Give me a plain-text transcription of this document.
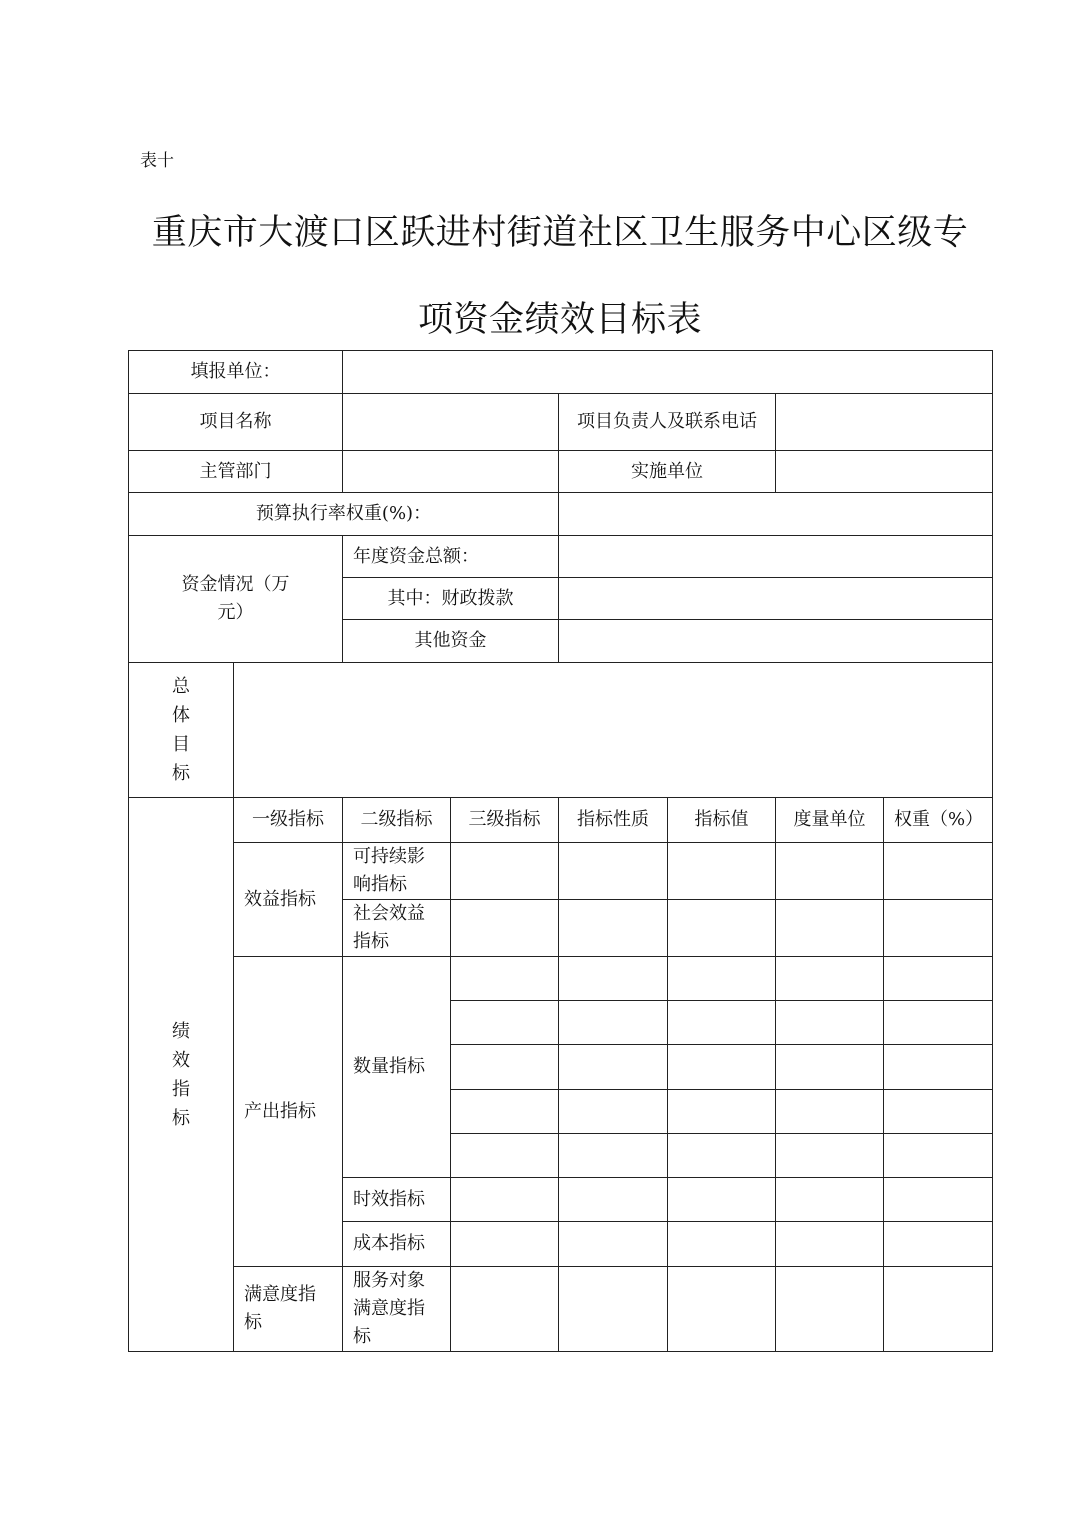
表十
重庆市大渡口区跃进村街道社区卫生服务中心区级专
项资金绩效目标表
填报单位：							
项目名称				项目负责人及联系电话			
主管部门				实施单位			
预算执行率权重(%)：							
资金情况（万元）		年度资金总额：					
		其中：财政拨款					
		其他资金					
总体目标							
绩效指标	一级指标	二级指标	三级指标	指标性质	指标值	度量单位	权重（%）
	效益指标	可持续影响指标					
		社会效益指标					
	产出指标	数量指标					

		时效指标					
		成本指标					
	满意度指标	服务对象满意度指标					
